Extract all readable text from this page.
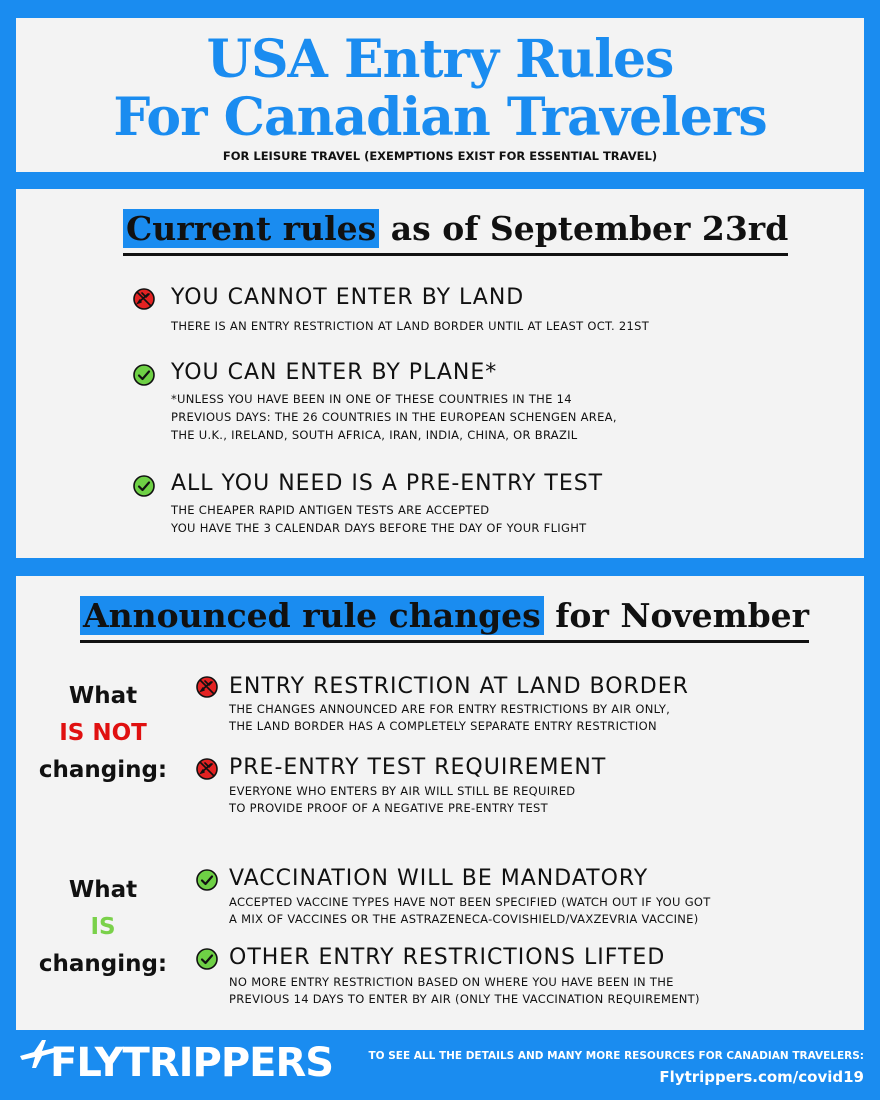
USA Entry Rules
For Canadian Travelers
FOR LEISURE TRAVEL (EXEMPTIONS EXIST FOR ESSENTIAL TRAVEL)
Current rules as of September 23rd
YOU CANNOT ENTER BY LAND
THERE IS AN ENTRY RESTRICTION AT LAND BORDER UNTIL AT LEAST OCT. 21ST
YOU CAN ENTER BY PLANE*
*UNLESS YOU HAVE BEEN IN ONE OF THESE COUNTRIES IN THE 14
PREVIOUS DAYS: THE 26 COUNTRIES IN THE EUROPEAN SCHENGEN AREA,
THE U.K., IRELAND, SOUTH AFRICA, IRAN, INDIA, CHINA, OR BRAZIL
ALL YOU NEED IS A PRE-ENTRY TEST
THE CHEAPER RAPID ANTIGEN TESTS ARE ACCEPTED
YOU HAVE THE 3 CALENDAR DAYS BEFORE THE DAY OF YOUR FLIGHT
Announced rule changes for November
What
IS NOT
changing:
ENTRY RESTRICTION AT LAND BORDER
THE CHANGES ANNOUNCED ARE FOR ENTRY RESTRICTIONS BY AIR ONLY,
THE LAND BORDER HAS A COMPLETELY SEPARATE ENTRY RESTRICTION
PRE-ENTRY TEST REQUIREMENT
EVERYONE WHO ENTERS BY AIR WILL STILL BE REQUIRED
TO PROVIDE PROOF OF A NEGATIVE PRE-ENTRY TEST
What
IS
changing:
VACCINATION WILL BE MANDATORY
ACCEPTED VACCINE TYPES HAVE NOT BEEN SPECIFIED (WATCH OUT IF YOU GOT
A MIX OF VACCINES OR THE ASTRAZENECA-COVISHIELD/VAXZEVRIA VACCINE)
OTHER ENTRY RESTRICTIONS LIFTED
NO MORE ENTRY RESTRICTION BASED ON WHERE YOU HAVE BEEN IN THE
PREVIOUS 14 DAYS TO ENTER BY AIR (ONLY THE VACCINATION REQUIREMENT)
FLYTRIPPERS	TO SEE ALL THE DETAILS AND MANY MORE RESOURCES FOR CANADIAN TRAVELERS:
Flytrippers.com/covid19
